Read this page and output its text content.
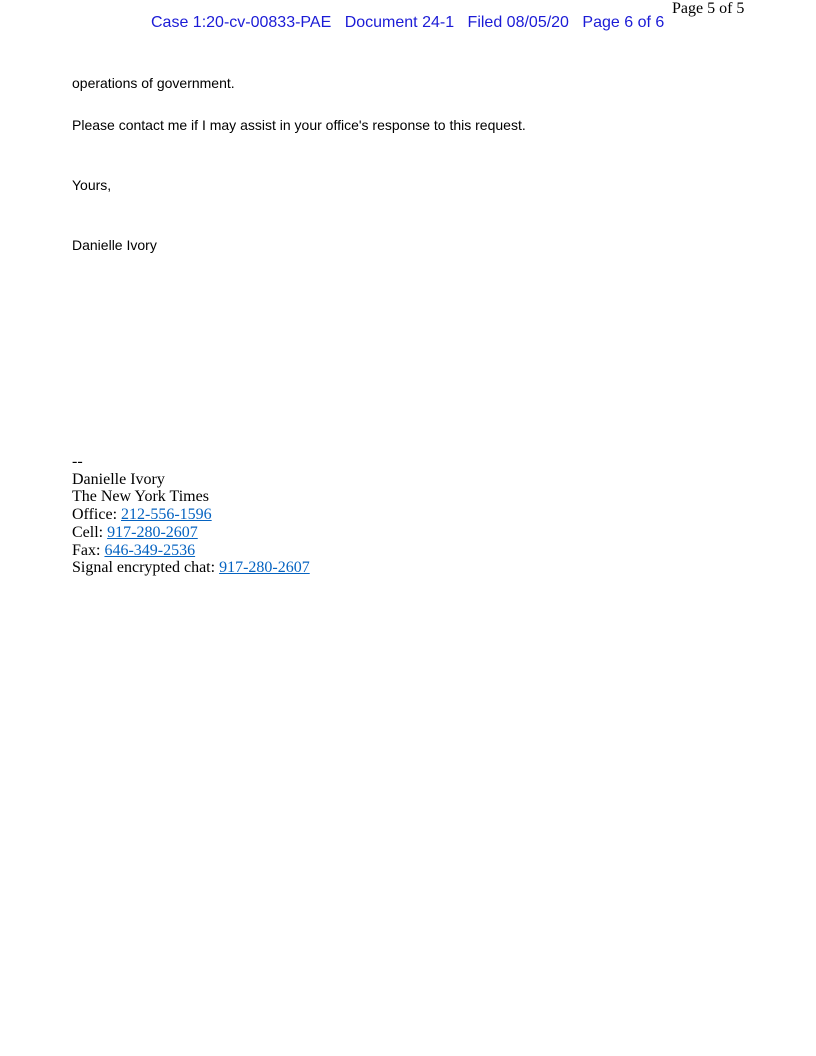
Page 5 of 5
Case 1:20-cv-00833-PAE Document 24-1 Filed 08/05/20 Page 6 of 6
operations of government.
Please contact me if I may assist in your office's response to this request.
Yours,
Danielle Ivory
--
Danielle Ivory
The New York Times
Office: 212-556-1596
Cell: 917-280-2607
Fax: 646-349-2536
Signal encrypted chat: 917-280-2607
